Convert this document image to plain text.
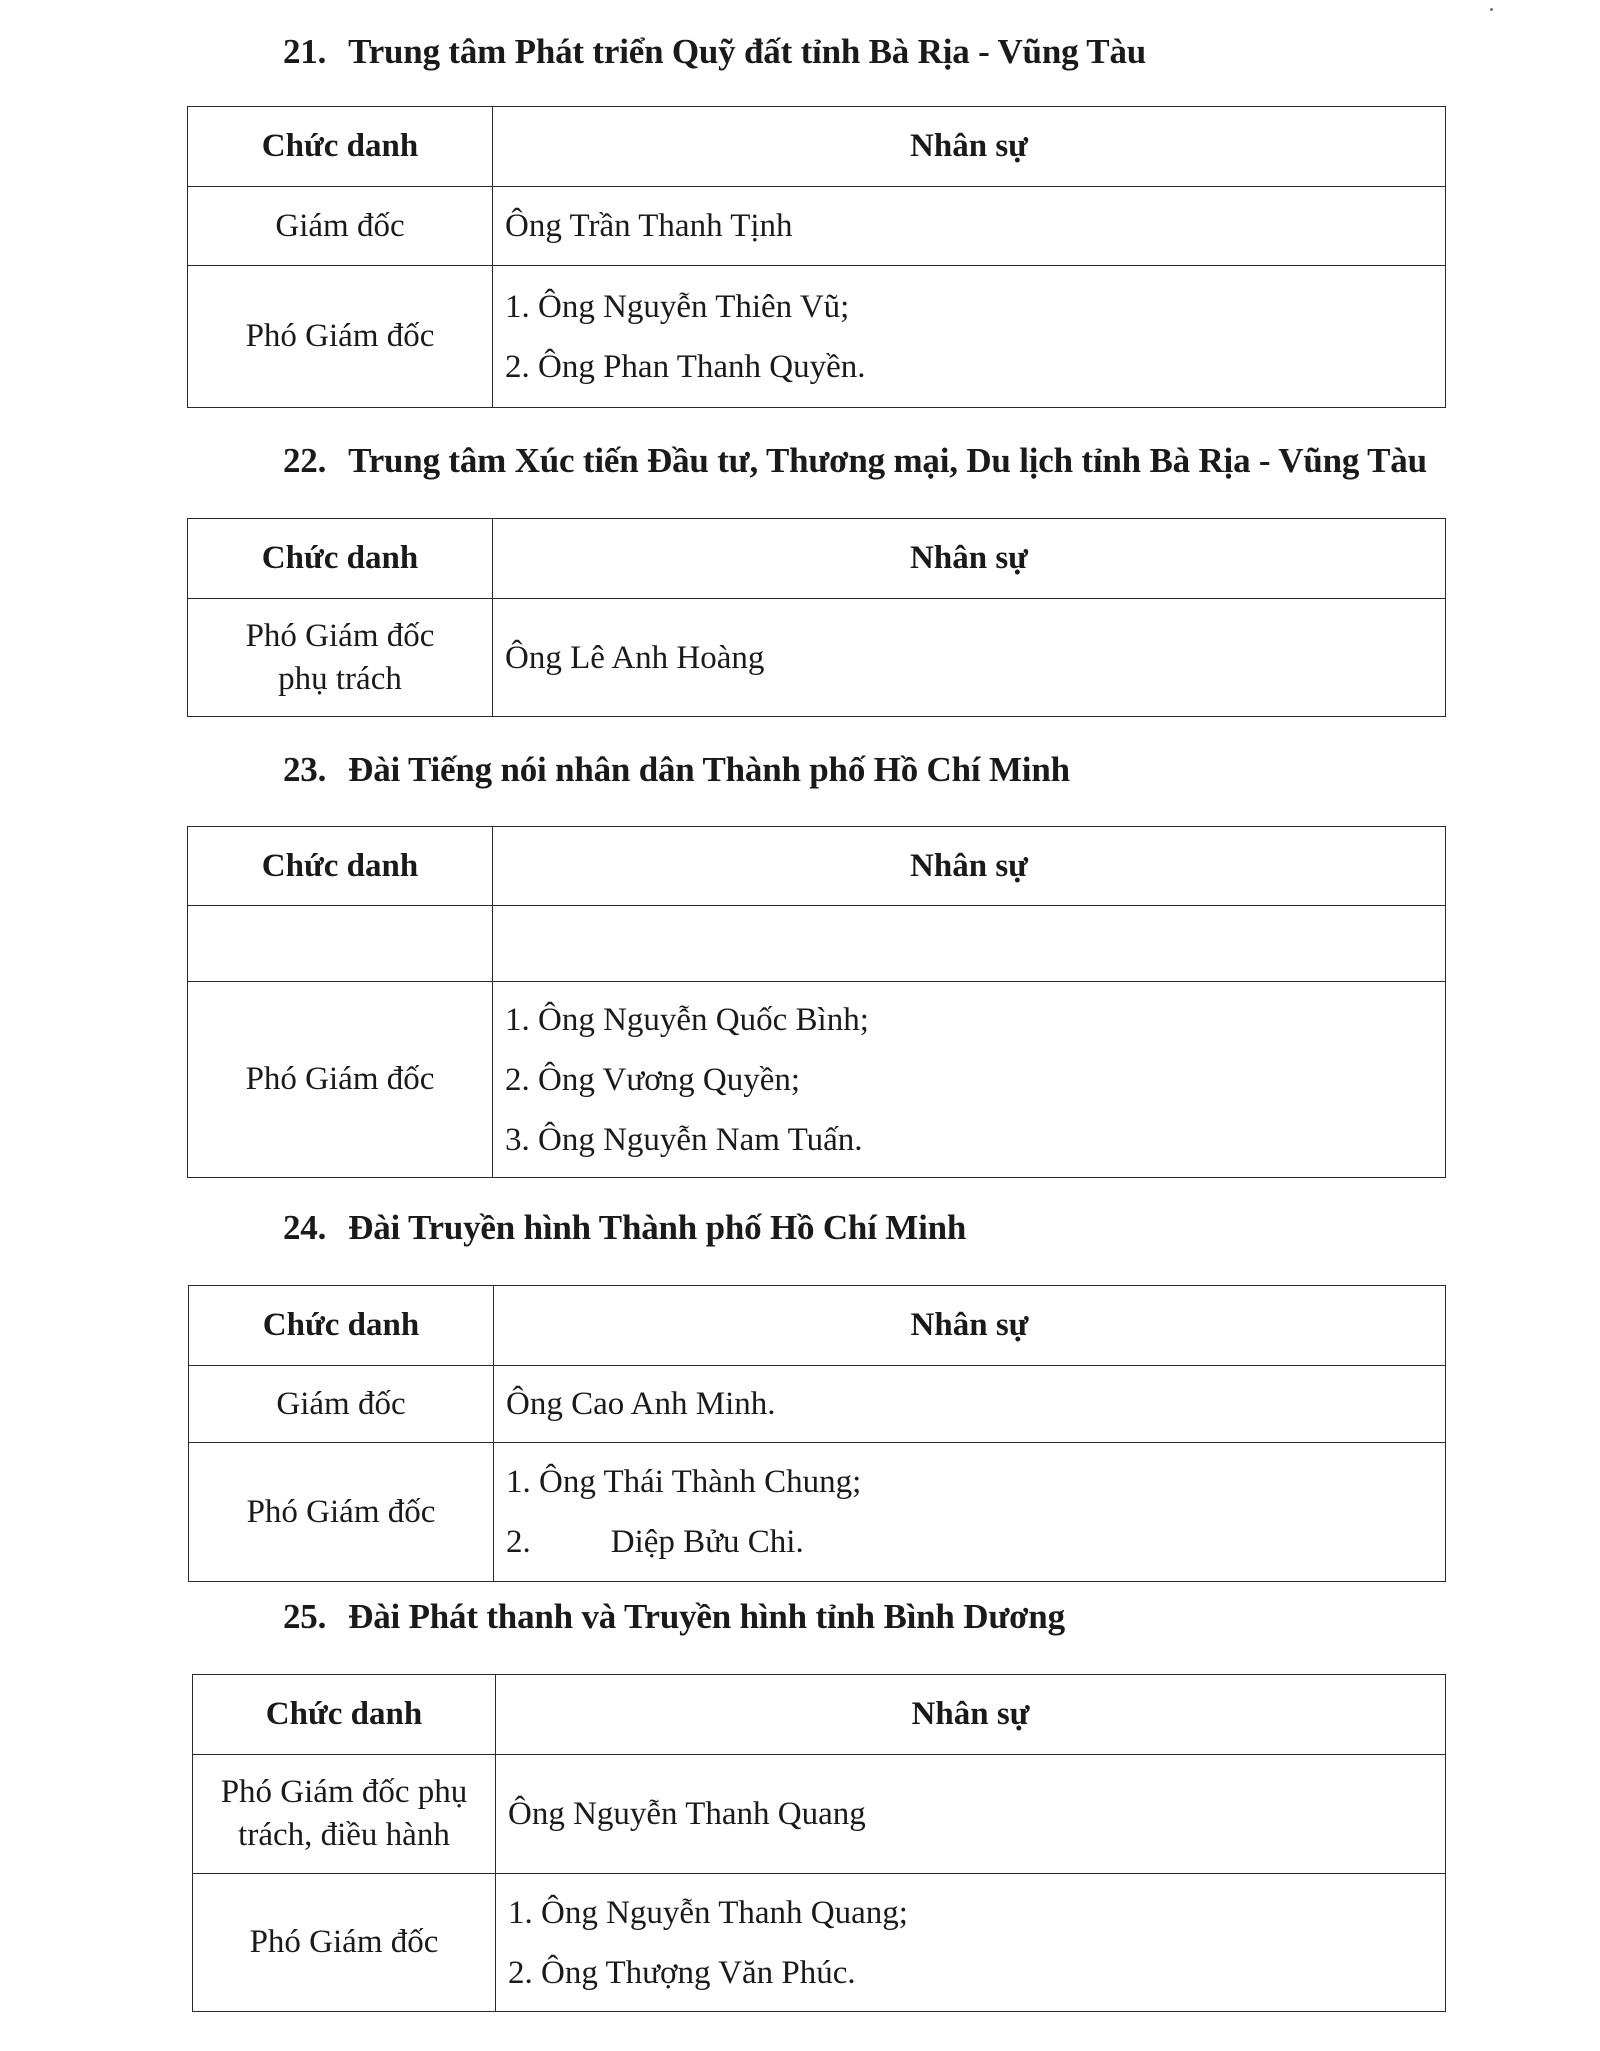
21. Trung tâm Phát triển Quỹ đất tỉnh Bà Rịa - Vũng Tàu
Chức danh	Nhân sự
Giám đốc	Ông Trần Thanh Tịnh

Phó Giám đốc	1. Ông Nguyễn Thiên Vũ;
2. Ông Phan Thanh Quyền.
22. Trung tâm Xúc tiến Đầu tư, Thương mại, Du lịch tỉnh Bà Rịa - Vũng Tàu
Chức danh	Nhân sự
Phó Giám đốc
phụ trách	Ông Lê Anh Hoàng
23. Đài Tiếng nói nhân dân Thành phố Hồ Chí Minh
Chức danh	Nhân sự

Phó Giám đốc	1. Ông Nguyễn Quốc Bình;
2. Ông Vương Quyền;
3. Ông Nguyễn Nam Tuấn.
24. Đài Truyền hình Thành phố Hồ Chí Minh
Chức danh	Nhân sự
Giám đốc	Ông Cao Anh Minh.

Phó Giám đốc	1. Ông Thái Thành Chung;
2. Diệp Bửu Chi.
25. Đài Phát thanh và Truyền hình tỉnh Bình Dương
Chức danh	Nhân sự
Phó Giám đốc phụ
trách, điều hành	Ông Nguyễn Thanh Quang

Phó Giám đốc	1. Ông Nguyễn Thanh Quang;
2. Ông Thượng Văn Phúc.
